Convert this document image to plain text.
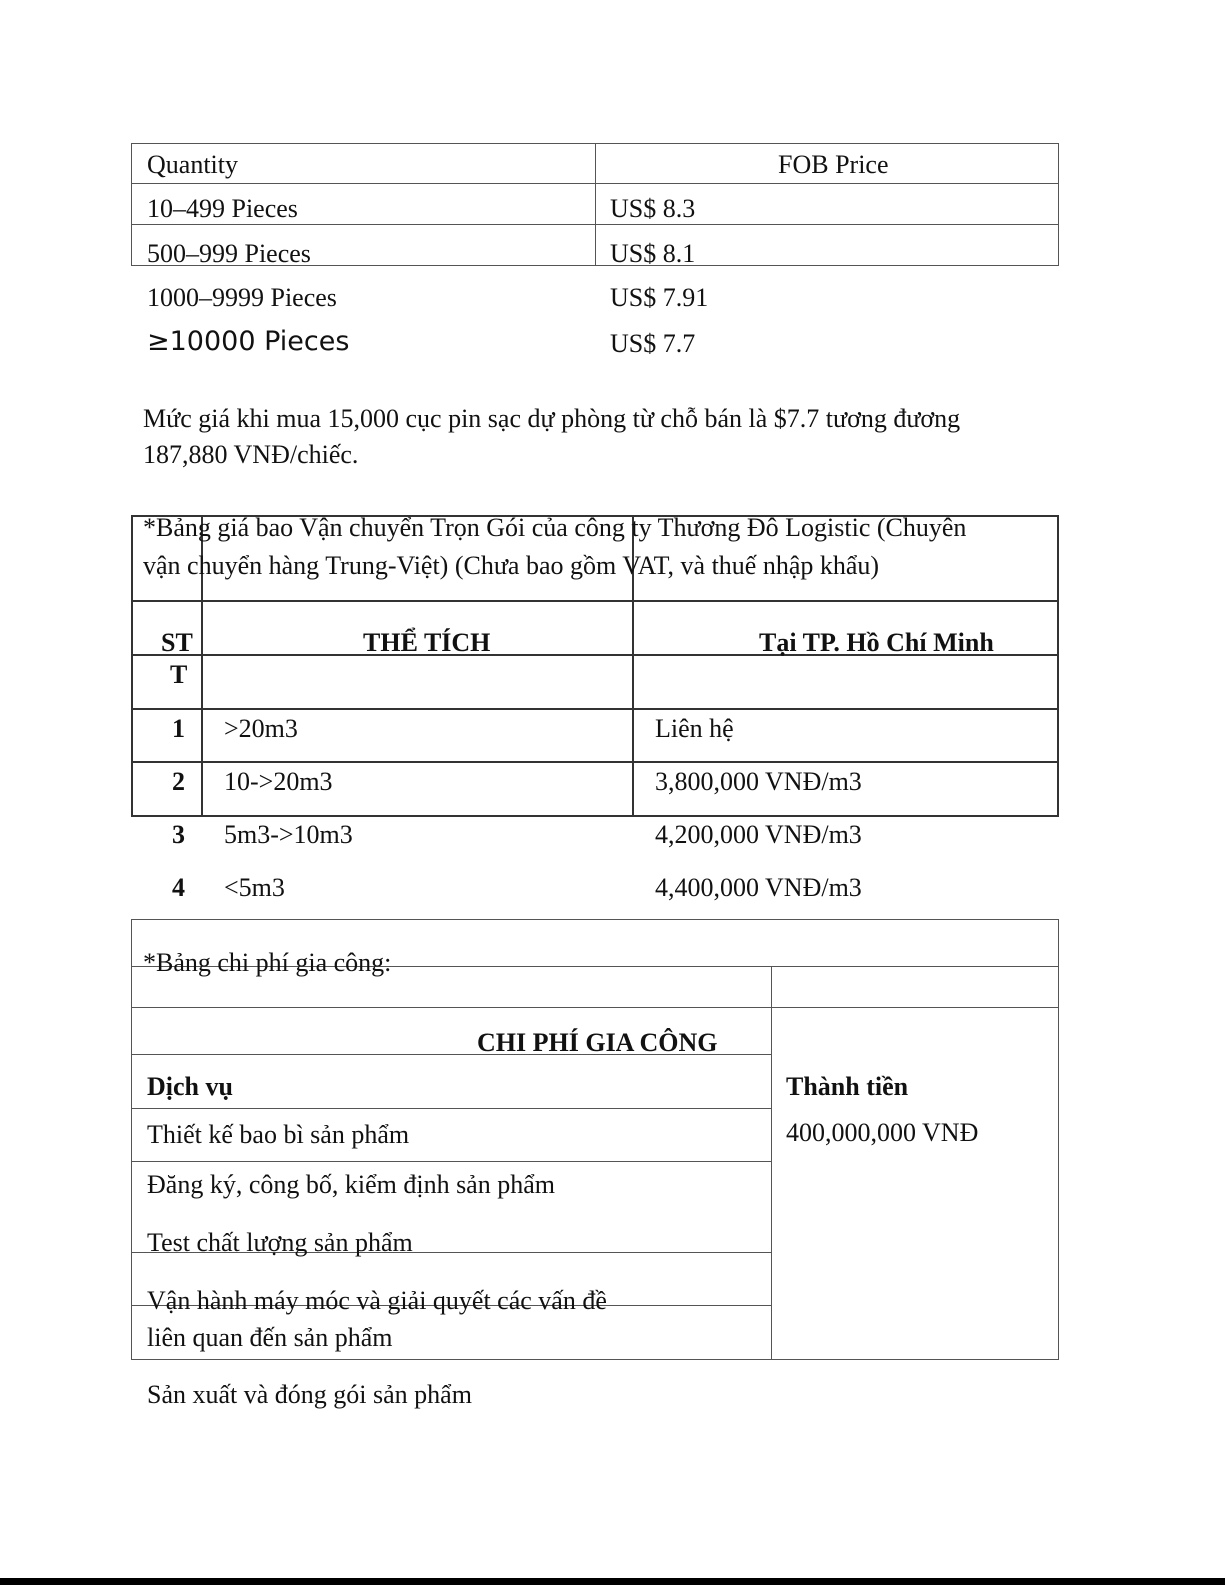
Quantity	FOB Price
10–499 Pieces	US$ 8.3
500–999 Pieces	US$ 8.1
1000–9999 Pieces	US$ 7.91
≥10000 Pieces	US$ 7.7
Mức giá khi mua 15,000 cục pin sạc dự phòng từ chỗ bán là $7.7 tương đương
187,880 VNĐ/chiếc.
*Bảng giá bao Vận chuyển Trọn Gói của công ty Thương Đô Logistic (Chuyên
vận chuyển hàng Trung-Việt) (Chưa bao gồm VAT, và thuế nhập khẩu)
ST
T
THỂ TÍCH	Tại TP. Hồ Chí Minh
1 >20m3	Liên hệ
2 10->20m3	3,800,000 VNĐ/m3
3 5m3->10m3	4,200,000 VNĐ/m3
4 <5m3	4,400,000 VNĐ/m3
*Bảng chi phí gia công:
CHI PHÍ GIA CÔNG
Dịch vụ	Thành tiền
400,000,000 VNĐ
Thiết kế bao bì sản phẩm
Đăng ký, công bố, kiểm định sản phẩm
Test chất lượng sản phẩm
Vận hành máy móc và giải quyết các vấn đề
liên quan đến sản phẩm
Sản xuất và đóng gói sản phẩm
